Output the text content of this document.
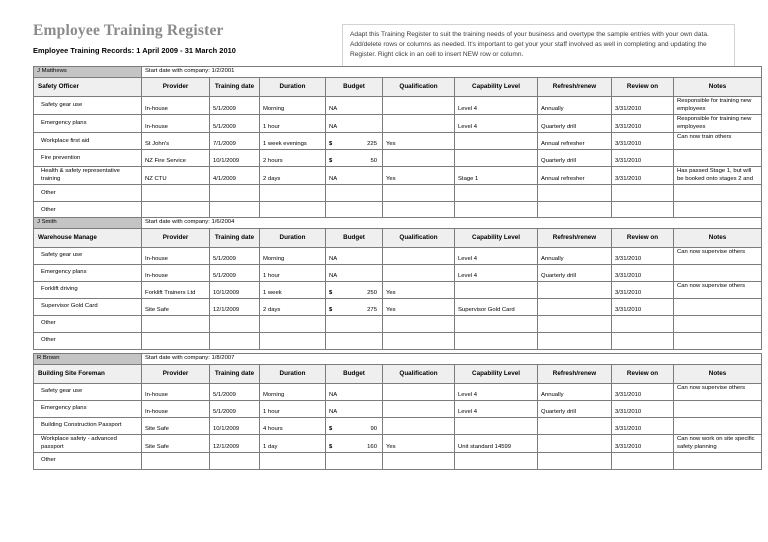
Employee Training Register
Employee Training Records: 1 April 2009 - 31 March 2010
Adapt this Training Register to suit the training needs of your business and overtype the sample entries with your own data. Add/delete rows or columns as needed. It's important to get your your staff involved as well in completing and updating the Register. Right click in an cell to insert NEW row or column.
J Matthews	Start date with company: 1/2/2001								
Safety Officer	Provider	Training date	Duration	Budget	Qualification	Capability Level	Refresh/renew	Review on	Notes
Safety gear use	In-house	5/1/2009	Morning	NA		Level 4	Annually	3/31/2010	Responsible for training new employees
Emergency plans	In-house	5/1/2009	1 hour	NA		Level 4	Quarterly drill	3/31/2010	Responsible for training new employees
Workplace first aid	St John's	7/1/2009	1 week evenings	$ 225	Yes		Annual refresher	3/31/2010	Can now train others
Fire prevention	NZ Fire Service	10/1/2009	2 hours	$ 50			Quarterly drill	3/31/2010	
Health & safety representative training	NZ CTU	4/1/2009	2 days	NA	Yes	Stage 1	Annual refresher	3/31/2010	Has passed Stage 1, but will be booked onto stages 2 and
Other				

Other				

J Smith	Start date with company: 1/6/2004								
Warehouse Manage	Provider	Training date	Duration	Budget	Qualification	Capability Level	Refresh/renew	Review on	Notes
Safety gear use	In-house	5/1/2009	Morning	NA		Level 4	Annually	3/31/2010	Can now supervise others
Emergency plans	In-house	5/1/2009	1 hour	NA		Level 4	Quarterly drill	3/31/2010	
Forklift driving	Forklift Trainers Ltd	10/1/2009	1 week	$ 250	Yes			3/31/2010	Can now supervise others
Supervisor Gold Card	Site Safe	12/1/2009	2 days	$ 275	Yes	Supervisor Gold Card		3/31/2010	
Other				

Other				

R Brown	Start date with company: 1/8/2007								
Building Site Foreman	Provider	Training date	Duration	Budget	Qualification	Capability Level	Refresh/renew	Review on	Notes
Safety gear use	In-house	5/1/2009	Morning	NA		Level 4	Annually	3/31/2010	Can now supervise others
Emergency plans	In-house	5/1/2009	1 hour	NA		Level 4	Quarterly drill	3/31/2010	
Building Construction Passport	Site Safe	10/1/2009	4 hours	$ 90				3/31/2010	
Workplace safety - advanced passport	Site Safe	12/1/2009	1 day	$ 160	Yes	Unit standard 14599		3/31/2010	Can now work on site specific safety planning
Other				
